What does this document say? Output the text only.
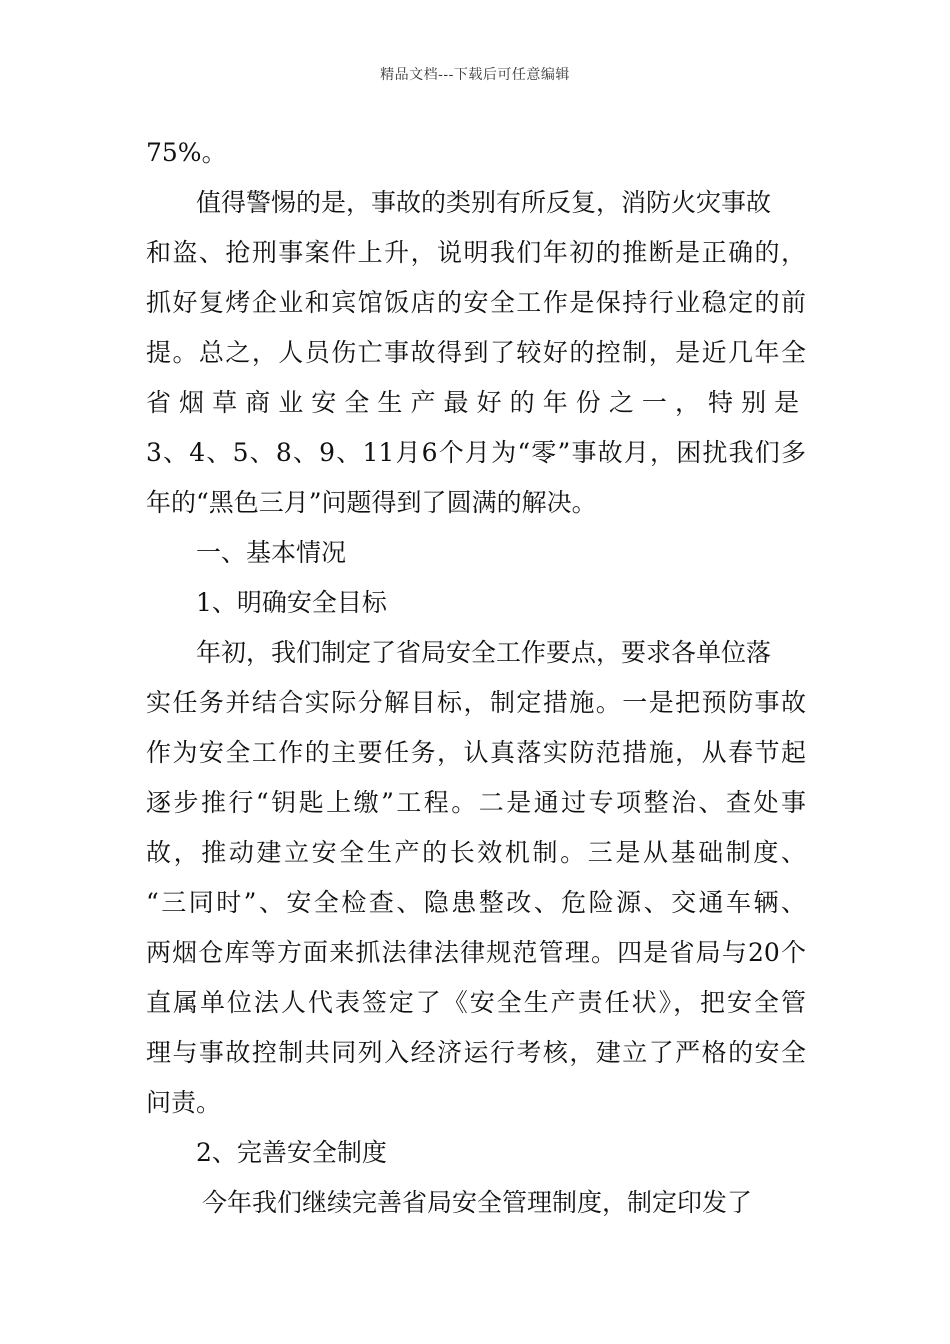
精品文档---下载后可任意编辑
75%。
值得警惕的是，事故的类别有所反复，消防火灾事故
和盗、抢刑事案件上升，说明我们年初的推断是正确的，
抓好复烤企业和宾馆饭店的安全工作是保持行业稳定的前
提。总之，人员伤亡事故得到了较好的控制，是近几年全
省烟草商业安全生产最好的年份之一，特别是
3、4、5、8、9、11月6个月为“零”事故月，困扰我们多
年的“黑色三月”问题得到了圆满的解决。
一、基本情况
1、明确安全目标
年初，我们制定了省局安全工作要点，要求各单位落
实任务并结合实际分解目标，制定措施。一是把预防事故
作为安全工作的主要任务，认真落实防范措施，从春节起
逐步推行“钥匙上缴”工程。二是通过专项整治、查处事
故，推动建立安全生产的长效机制。三是从基础制度、
“三同时”、安全检查、隐患整改、危险源、交通车辆、
两烟仓库等方面来抓法律法律规范管理。四是省局与20个
直属单位法人代表签定了《安全生产责任状》，把安全管
理与事故控制共同列入经济运行考核，建立了严格的安全
问责。
2、完善安全制度
今年我们继续完善省局安全管理制度，制定印发了
